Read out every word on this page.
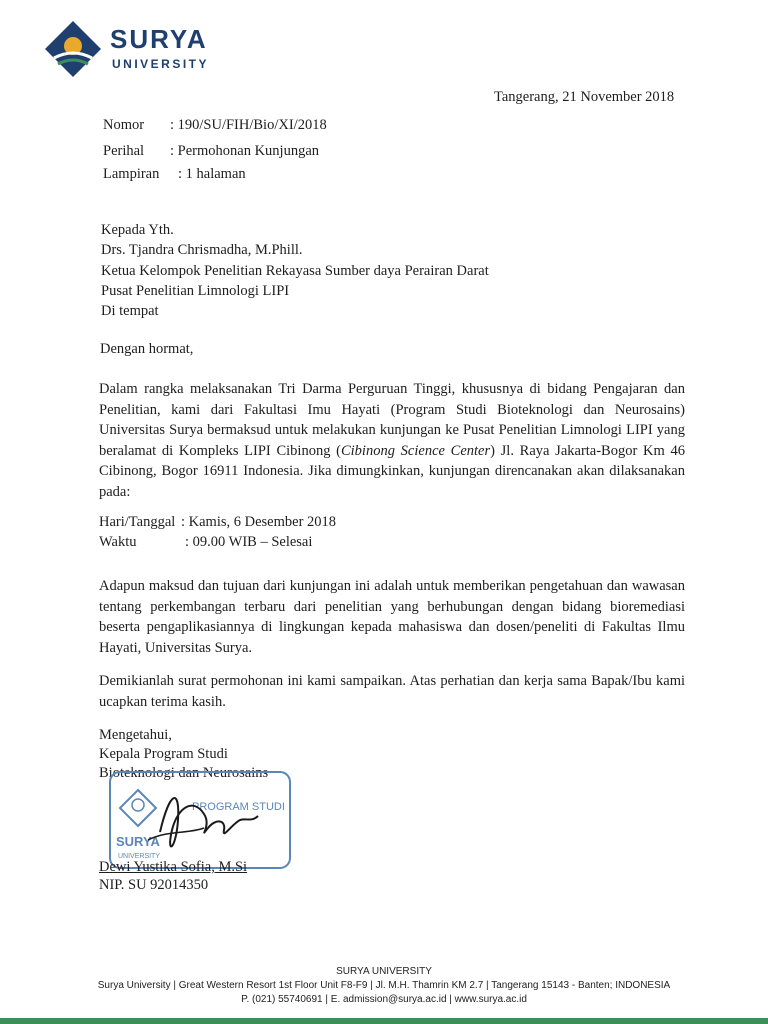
SURYA
UNIVERSITY
Tangerang, 21 November 2018
Nomor : 190/SU/FIH/Bio/XI/2018
Perihal : Permohonan Kunjungan
Lampiran : 1 halaman
Kepada Yth.
Drs. Tjandra Chrismadha, M.Phill.
Ketua Kelompok Penelitian Rekayasa Sumber daya Perairan Darat
Pusat Penelitian Limnologi LIPI
Di tempat
Dengan hormat,
Dalam rangka melaksanakan Tri Darma Perguruan Tinggi, khususnya di bidang Pengajaran dan Penelitian, kami dari Fakultasi Imu Hayati (Program Studi Bioteknologi dan Neurosains) Universitas Surya bermaksud untuk melakukan kunjungan ke Pusat Penelitian Limnologi LIPI yang beralamat di Kompleks LIPI Cibinong (Cibinong Science Center) Jl. Raya Jakarta-Bogor Km 46 Cibinong, Bogor 16911 Indonesia. Jika dimungkinkan, kunjungan direncanakan akan dilaksanakan pada:
Hari/Tanggal : Kamis, 6 Desember 2018
Waktu	: 09.00 WIB – Selesai
Adapun maksud dan tujuan dari kunjungan ini adalah untuk memberikan pengetahuan dan wawasan tentang perkembangan terbaru dari penelitian yang berhubungan dengan bidang bioremediasi beserta pengaplikasiannya di lingkungan kepada mahasiswa dan dosen/peneliti di Fakultas Ilmu Hayati, Universitas Surya.
Demikianlah surat permohonan ini kami sampaikan. Atas perhatian dan kerja sama Bapak/Ibu kami ucapkan terima kasih.
Mengetahui,
Kepala Program Studi
Bioteknologi dan Neurosains
PROGRAM STUDI
SURYA
UNIVERSITY
Dewi Yustika Sofia, M.Si
NIP. SU 92014350
SURYA UNIVERSITY
Surya University | Great Western Resort 1st Floor Unit F8-F9 | Jl. M.H. Thamrin KM 2.7 | Tangerang 15143 - Banten; INDONESIA
P. (021) 55740691 | E. admission@surya.ac.id | www.surya.ac.id
